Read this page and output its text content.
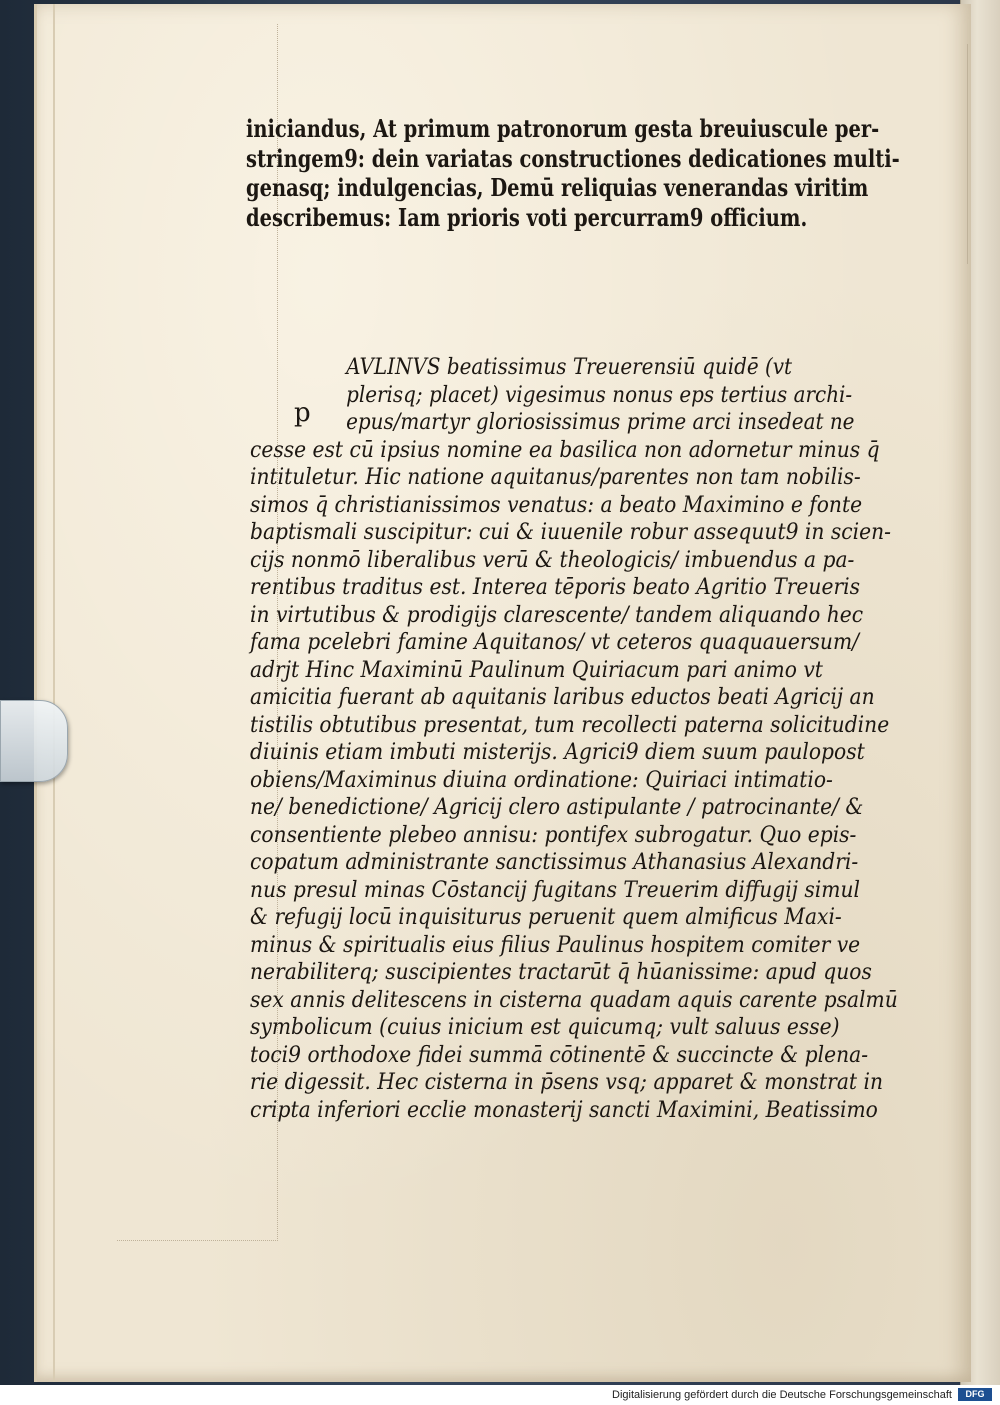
iniciandus, At primum patronorum gesta breuiuscule per-
stringem9: dein variatas constructiones dedicationes multi-
genasq; indulgencias, Demū reliquias venerandas viritim
describemus: Iam prioris voti percurram9 officium.
p
AVLINVS beatissimus Treuerensiū quidē (vt
plerisq; placet) vigesimus nonus eps tertius archi-
epus/martyr gloriosissimus prime arci insedeat ne
cesse est cū ipsius nomine ea basilica non adornetur minus q̄
intituletur. Hic natione aquitanus/parentes non tam nobilis-
simos q̄ christianissimos venatus: a beato Maximino e fonte
baptismali suscipitur: cui & iuuenile robur assequut9 in scien-
cijs nonmō liberalibus verū & theologicis/ imbuendus a pa-
rentibus traditus est. Interea tēporis beato Agritio Treueris
in virtutibus & prodigijs clarescente/ tandem aliquando hec
fama pcelebri famine Aquitanos/ vt ceteros quaquauersum/
adrjt Hinc Maximinū Paulinum Quiriacum pari animo vt
amicitia fuerant ab aquitanis laribus eductos beati Agricij an
tistilis obtutibus presentat, tum recollecti paterna solicitudine
diuinis etiam imbuti misterijs. Agrici9 diem suum paulopost
obiens/Maximinus diuina ordinatione: Quiriaci intimatio-
ne/ benedictione/ Agricij clero astipulante / patrocinante/ &
consentiente plebeo annisu: pontifex subrogatur. Quo epis-
copatum administrante sanctissimus Athanasius Alexandri-
nus presul minas Cōstancij fugitans Treuerim diffugij simul
& refugij locū inquisiturus peruenit quem almificus Maxi-
minus & spiritualis eius filius Paulinus hospitem comiter ve
nerabiliterq; suscipientes tractarūt q̄ hūanissime: apud quos
sex annis delitescens in cisterna quadam aquis carente psalmū
symbolicum (cuius inicium est quicumq; vult saluus esse)
toci9 orthodoxe fidei summā cōtinentē & succincte & plena-
rie digessit. Hec cisterna in p̄sens vsq; apparet & monstrat in
cripta inferiori ecclie monasterij sancti Maximini, Beatissimo
Digitalisierung gefördert durch die Deutsche Forschungsgemeinschaft	DFG
